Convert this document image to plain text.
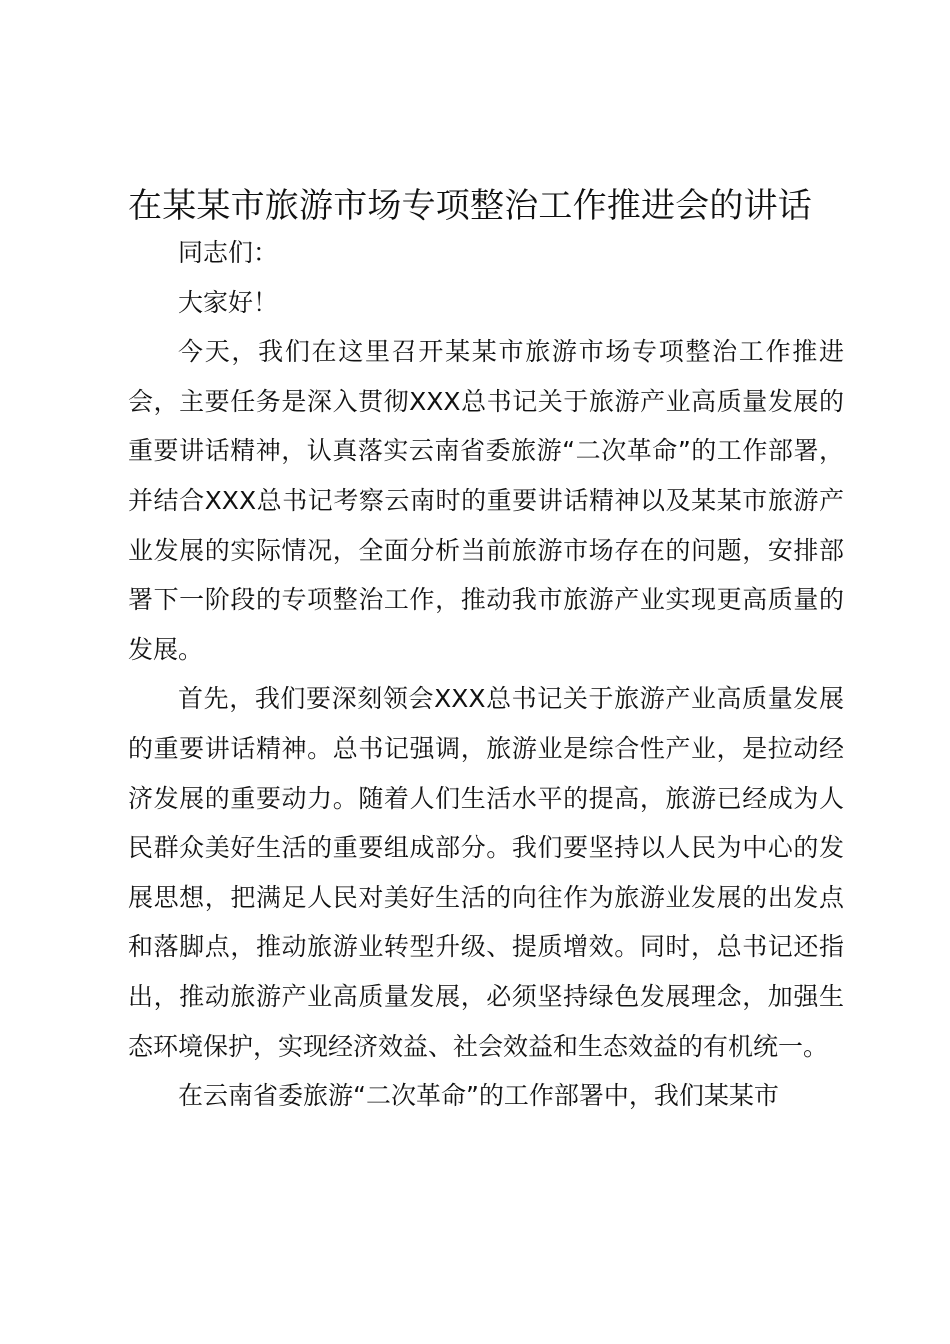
在某某市旅游市场专项整治工作推进会的讲话

同志们：

大家好！

今天，我们在这里召开某某市旅游市场专项整治工作推进会，主要任务是深入贯彻XXX总书记关于旅游产业高质量发展的重要讲话精神，认真落实云南省委旅游“二次革命”的工作部署，并结合XXX总书记考察云南时的重要讲话精神以及某某市旅游产业发展的实际情况，全面分析当前旅游市场存在的问题，安排部署下一阶段的专项整治工作，推动我市旅游产业实现更高质量的发展。

首先，我们要深刻领会XXX总书记关于旅游产业高质量发展的重要讲话精神。总书记强调，旅游业是综合性产业，是拉动经济发展的重要动力。随着人们生活水平的提高，旅游已经成为人民群众美好生活的重要组成部分。我们要坚持以人民为中心的发展思想，把满足人民对美好生活的向往作为旅游业发展的出发点和落脚点，推动旅游业转型升级、提质增效。同时，总书记还指出，推动旅游产业高质量发展，必须坚持绿色发展理念，加强生态环境保护，实现经济效益、社会效益和生态效益的有机统一。

在云南省委旅游“二次革命”的工作部署中，我们某某市
